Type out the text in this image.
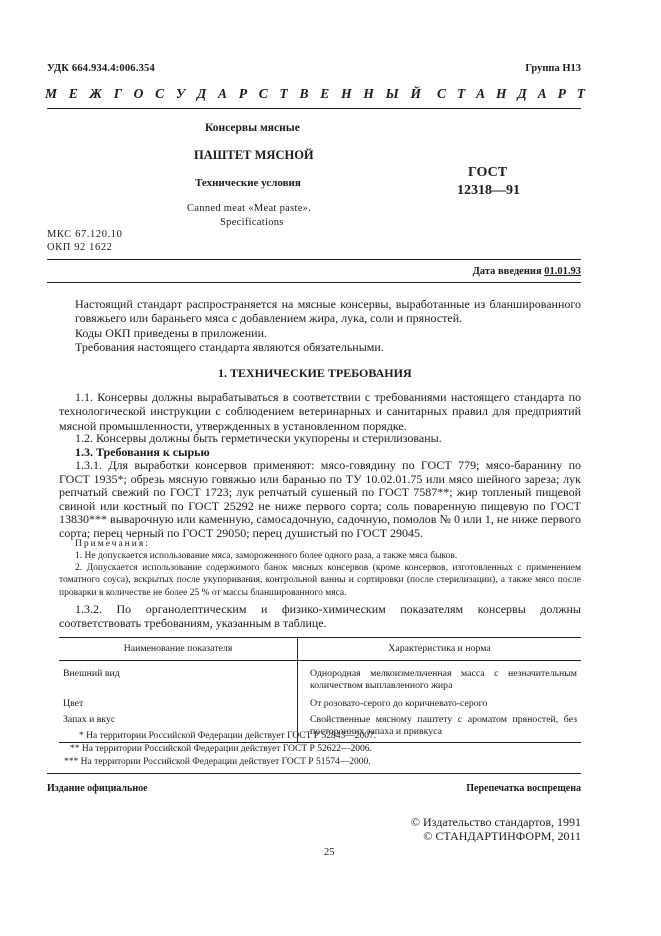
УДК 664.934.4:006.354	Группа Н13
М Е Ж Г О С У Д А Р С Т В Е Н Н Ы Й С Т А Н Д А Р Т
Консервы мясные
ПАШТЕТ МЯСНОЙ
Технические условия
ГОСТ
12318—91
Canned meat «Meat paste».
Specifications
МКС 67.120.10
ОКП 92 1622
Дата введения 01.01.93
Настоящий стандарт распространяется на мясные консервы, выработанные из бланшированного говяжьего или бараньего мяса с добавлением жира, лука, соли и пряностей.
Коды ОКП приведены в приложении.
Требования настоящего стандарта являются обязательными.
1. ТЕХНИЧЕСКИЕ ТРЕБОВАНИЯ
1.1. Консервы должны вырабатываться в соответствии с требованиями настоящего стандарта по технологической инструкции с соблюдением ветеринарных и санитарных правил для предприятий мясной промышленности, утвержденных в установленном порядке.
1.2. Консервы должны быть герметически укупорены и стерилизованы.
1.3. Требования к сырью
1.3.1. Для выработки консервов применяют: мясо-говядину по ГОСТ 779; мясо-баранину по ГОСТ 1935*; обрезь мясную говяжью или баранью по ТУ 10.02.01.75 или мясо шейного зареза; лук репчатый свежий по ГОСТ 1723; лук репчатый сушеный по ГОСТ 7587**; жир топленый пищевой свиной или костный по ГОСТ 25292 не ниже первого сорта; соль поваренную пищевую по ГОСТ 13830*** выварочную или каменную, самосадочную, садочную, помолов № 0 или 1, не ниже первого сорта; перец черный по ГОСТ 29050; перец душистый по ГОСТ 29045.
Примечания:
1. Не допускается использование мяса, замороженного более одного раза, а также мяса быков.
2. Допускается использование содержимого банок мясных консервов (кроме консервов, изготовленных с применением томатного соуса), вскрытых после укупоривания, контрольной ванны и сортировки (после стерилизации), а также мясо после проварки в количестве не более 25 % от массы бланшированного мяса.
1.3.2. По органолептическим и физико-химическим показателям консервы должны соответствовать требованиям, указанным в таблице.
Наименование показателя	Характеристика и норма
Внешний вид	Однородная мелкоизмельченная масса с незначительным количеством выплавленного жира
Цвет	От розовато-серого до коричневато-серого
Запах и вкус	Свойственные мясному паштету с ароматом пряностей, без посторонних запаха и привкуса
* На территории Российской Федерации действует ГОСТ Р 52843—2007.
** На территории Российской Федерации действует ГОСТ Р 52622—2006.
*** На территории Российской Федерации действует ГОСТ Р 51574—2000.
Издание официальное	Перепечатка воспрещена
© Издательство стандартов, 1991
© СТАНДАРТИНФОРМ, 2011
25
